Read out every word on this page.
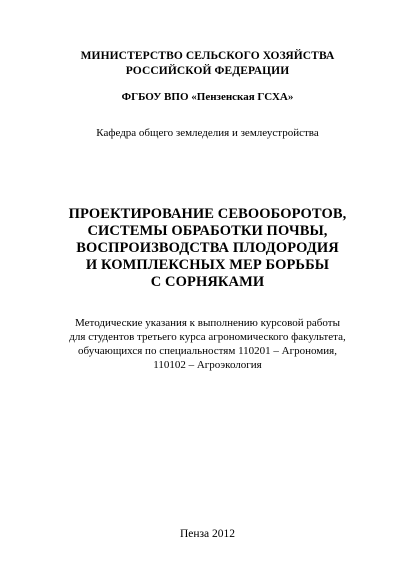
МИНИСТЕРСТВО СЕЛЬСКОГО ХОЗЯЙСТВА
РОССИЙСКОЙ ФЕДЕРАЦИИ
ФГБОУ ВПО «Пензенская ГСХА»
Кафедра общего земледелия и землеустройства
ПРОЕКТИРОВАНИЕ СЕВООБОРОТОВ,
СИСТЕМЫ ОБРАБОТКИ ПОЧВЫ,
ВОСПРОИЗВОДСТВА ПЛОДОРОДИЯ
И КОМПЛЕКСНЫХ МЕР БОРЬБЫ
С СОРНЯКАМИ
Методические указания к выполнению курсовой работы
для студентов третьего курса агрономического факультета,
обучающихся по специальностям 110201 – Агрономия,
110102 – Агроэкология
Пенза 2012
